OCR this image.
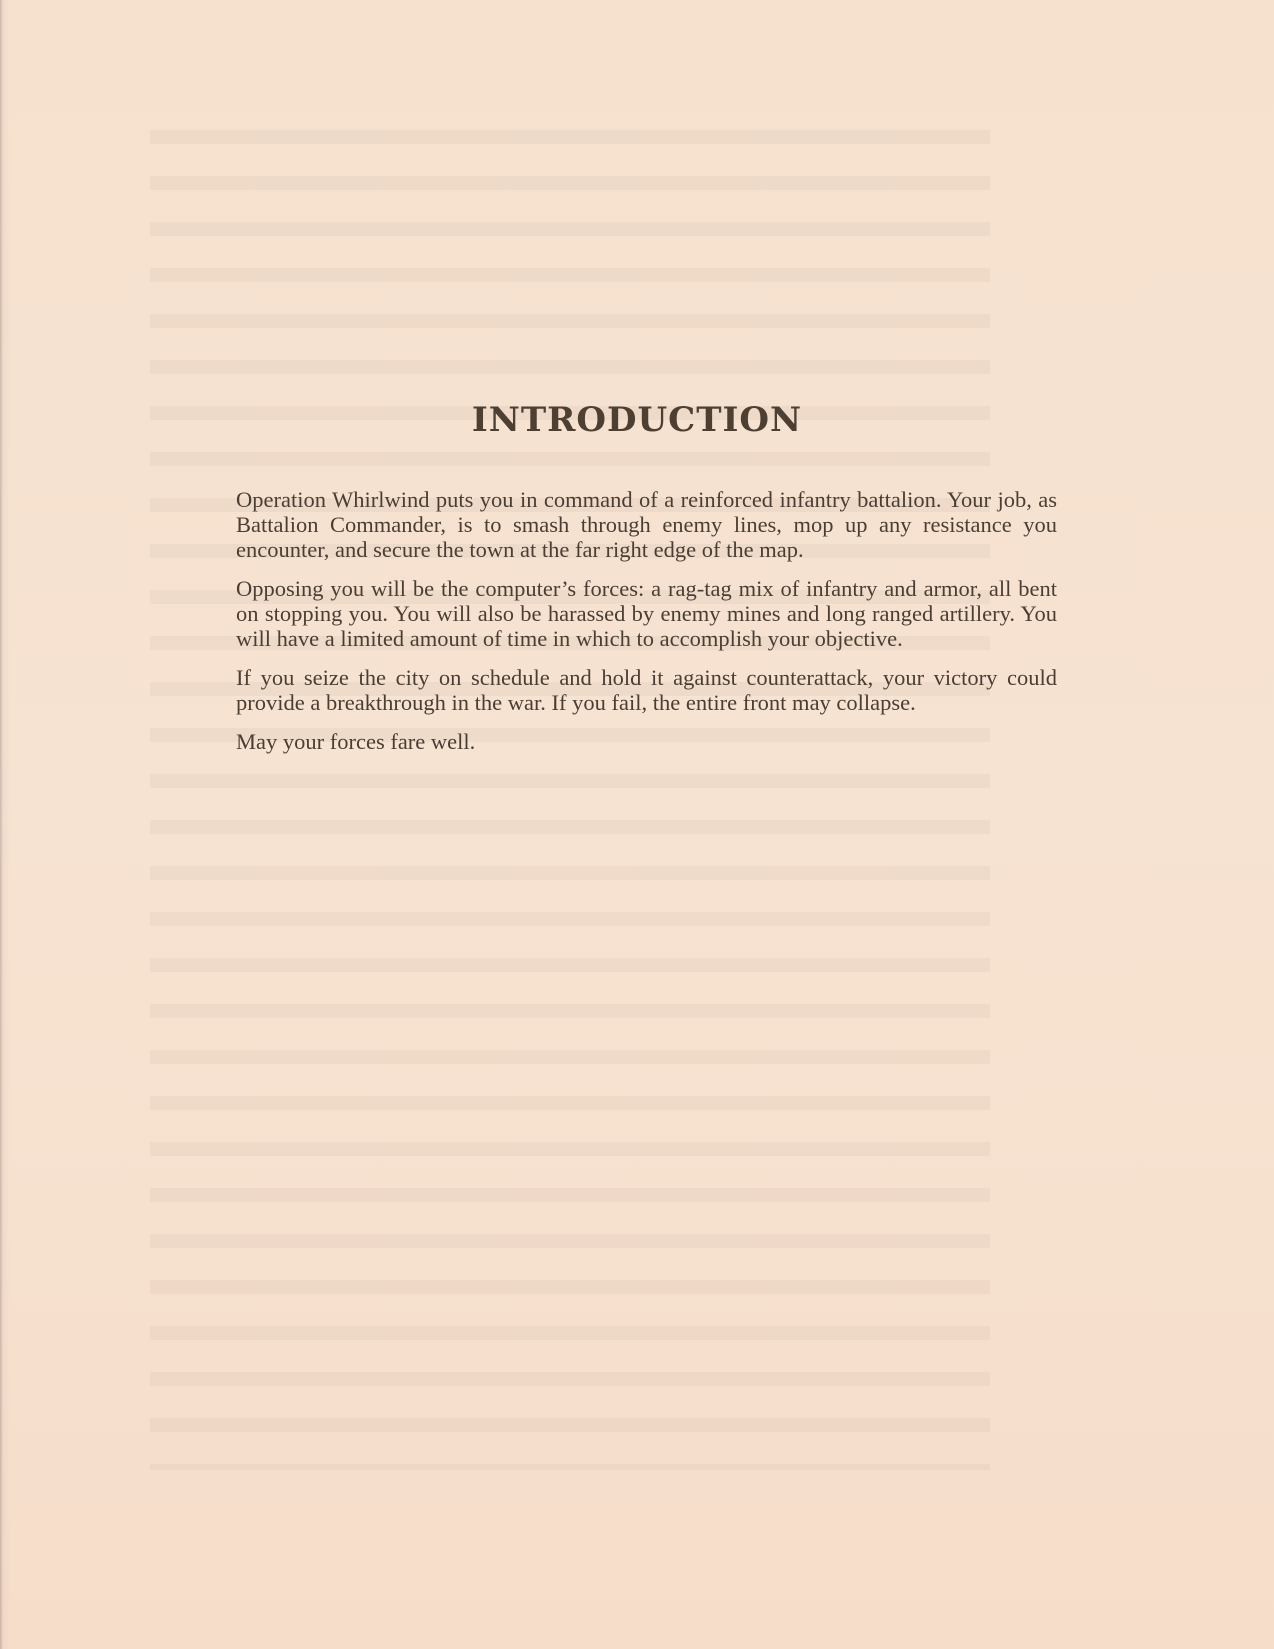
INTRODUCTION

Operation Whirlwind puts you in command of a reinforced infantry battalion. Your job, as Battalion Commander, is to smash through enemy lines, mop up any resistance you encounter, and secure the town at the far right edge of the map.

Opposing you will be the computer’s forces: a rag-tag mix of infantry and armor, all bent on stopping you. You will also be harassed by enemy mines and long ranged artillery. You will have a limited amount of time in which to accomplish your objective.

If you seize the city on schedule and hold it against counterattack, your victory could provide a breakthrough in the war. If you fail, the entire front may collapse.

May your forces fare well.
